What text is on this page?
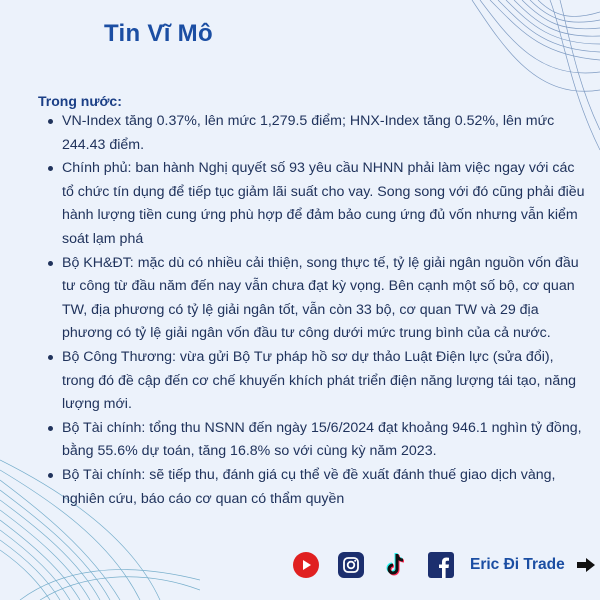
Tin Vĩ Mô
Trong nước:
VN-Index tăng 0.37%, lên mức 1,279.5 điểm; HNX-Index tăng 0.52%, lên mức 244.43 điểm.
Chính phủ: ban hành Nghị quyết số 93 yêu cầu NHNN phải làm việc ngay với các tổ chức tín dụng để tiếp tục giảm lãi suất cho vay. Song song với đó cũng phải điều hành lượng tiền cung ứng phù hợp để đảm bảo cung ứng đủ vốn nhưng vẫn kiểm soát lạm phá
Bộ KH&ĐT: mặc dù có nhiều cải thiện, song thực tế, tỷ lệ giải ngân nguồn vốn đầu tư công từ đầu năm đến nay vẫn chưa đạt kỳ vọng. Bên cạnh một số bộ, cơ quan TW, địa phương có tỷ lệ giải ngân tốt, vẫn còn 33 bộ, cơ quan TW và 29 địa phương có tỷ lệ giải ngân vốn đầu tư công dưới mức trung bình của cả nước.
Bộ Công Thương: vừa gửi Bộ Tư pháp hồ sơ dự thảo Luật Điện lực (sửa đổi), trong đó đề cập đến cơ chế khuyến khích phát triển điện năng lượng tái tạo, năng lượng mới.
Bộ Tài chính: tổng thu NSNN đến ngày 15/6/2024 đạt khoảng 946.1 nghìn tỷ đồng, bằng 55.6% dự toán, tăng 16.8% so với cùng kỳ năm 2023.
Bộ Tài chính: sẽ tiếp thu, đánh giá cụ thể về đề xuất đánh thuế giao dịch vàng, nghiên cứu, báo cáo cơ quan có thẩm quyền
Eric Đi Trade
